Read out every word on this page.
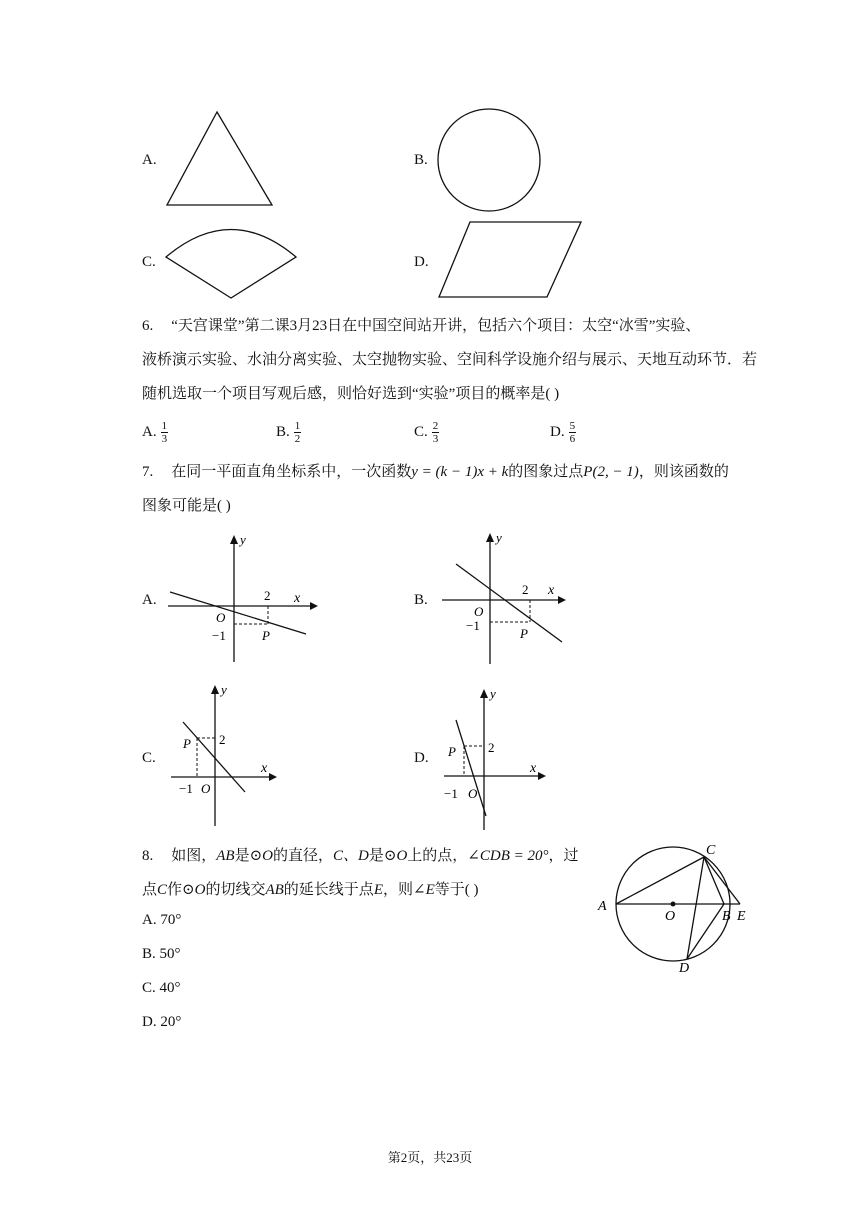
A.	B.
C.	D.
6. “天宫课堂”第二课3月23日在中国空间站开讲，包括六个项目：太空“冰雪”实验、
液桥演示实验、水油分离实验、太空抛物实验、空间科学设施介绍与展示、天地互动环节．若
随机选取一个项目写观后感，则恰好选到“实验”项目的概率是( )
A. $\frac{1}{3}$	B. $\frac{1}{2}$	C. $\frac{2}{3}$	D. $\frac{5}{6}$
7. 在同一平面直角坐标系中，一次函数y = (k − 1)x + k的图象过点P(2, − 1)，则该函数的
图象可能是( )
A.
y
x
O
2
−1	P
B.
y
x
O
2
−1
P
C.
y
x
2
P
−1 O
D.
y
x
2
P
−1 O
8. 如图，AB是⊙O的直径，C、D是⊙O上的点，∠CDB = 20°，过
点C作⊙O的切线交AB的延长线于点E，则∠E等于( )
A. 70°
B. 50°
C. 40°
D. 20°
A
C
O	B E
D
第2页，共23页
